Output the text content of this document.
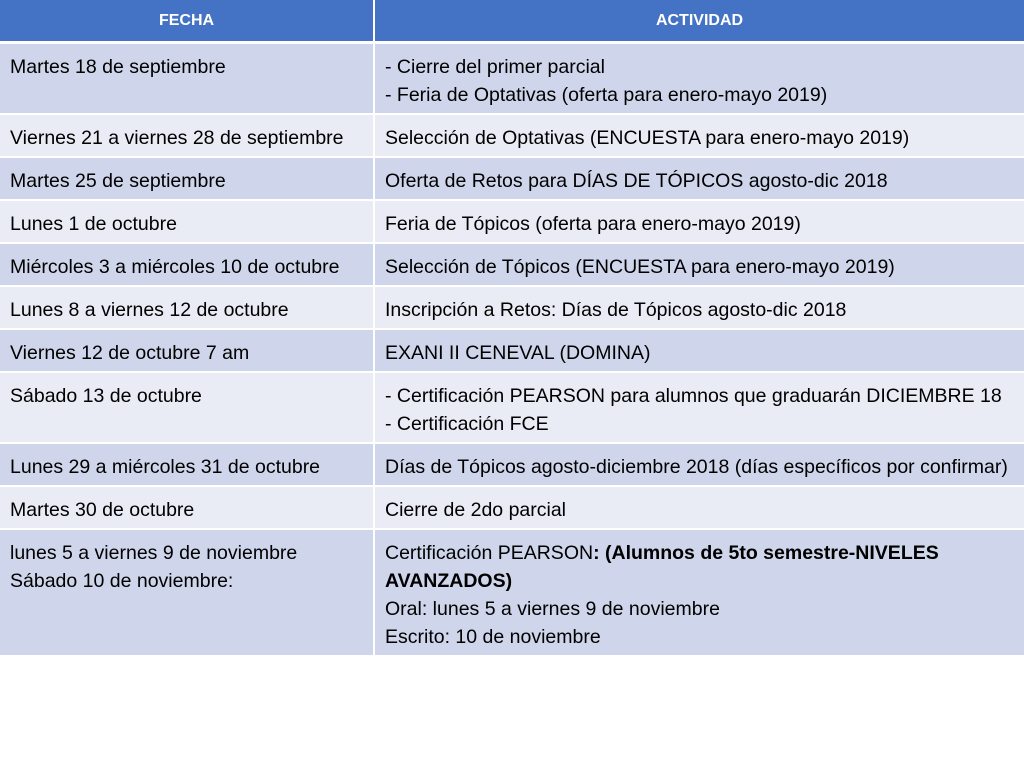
FECHA	ACTIVIDAD

Martes 18 de septiembre	- Cierre del primer parcial
- Feria de Optativas (oferta para enero-mayo 2019)

Viernes 21 a viernes 28 de septiembre	Selección de Optativas (ENCUESTA para enero-mayo 2019)

Martes 25 de septiembre	Oferta de Retos para DÍAS DE TÓPICOS agosto-dic 2018

Lunes 1 de octubre	Feria de Tópicos (oferta para enero-mayo 2019)

Miércoles 3 a miércoles 10 de octubre	Selección de Tópicos (ENCUESTA para enero-mayo 2019)

Lunes 8 a viernes 12 de octubre	Inscripción a Retos: Días de Tópicos agosto-dic 2018

Viernes 12 de octubre 7 am	EXANI II CENEVAL (DOMINA)

Sábado 13 de octubre	- Certificación PEARSON para alumnos que graduarán DICIEMBRE 18
- Certificación FCE

Lunes 29 a miércoles 31 de octubre	Días de Tópicos agosto-diciembre 2018 (días específicos por confirmar)

Martes 30 de octubre	Cierre de 2do parcial

lunes 5 a viernes 9 de noviembre
Sábado 10 de noviembre:	Certificación PEARSON: (Alumnos de 5to semestre-NIVELES AVANZADOS)
Oral: lunes 5 a viernes 9 de noviembre
Escrito: 10 de noviembre
